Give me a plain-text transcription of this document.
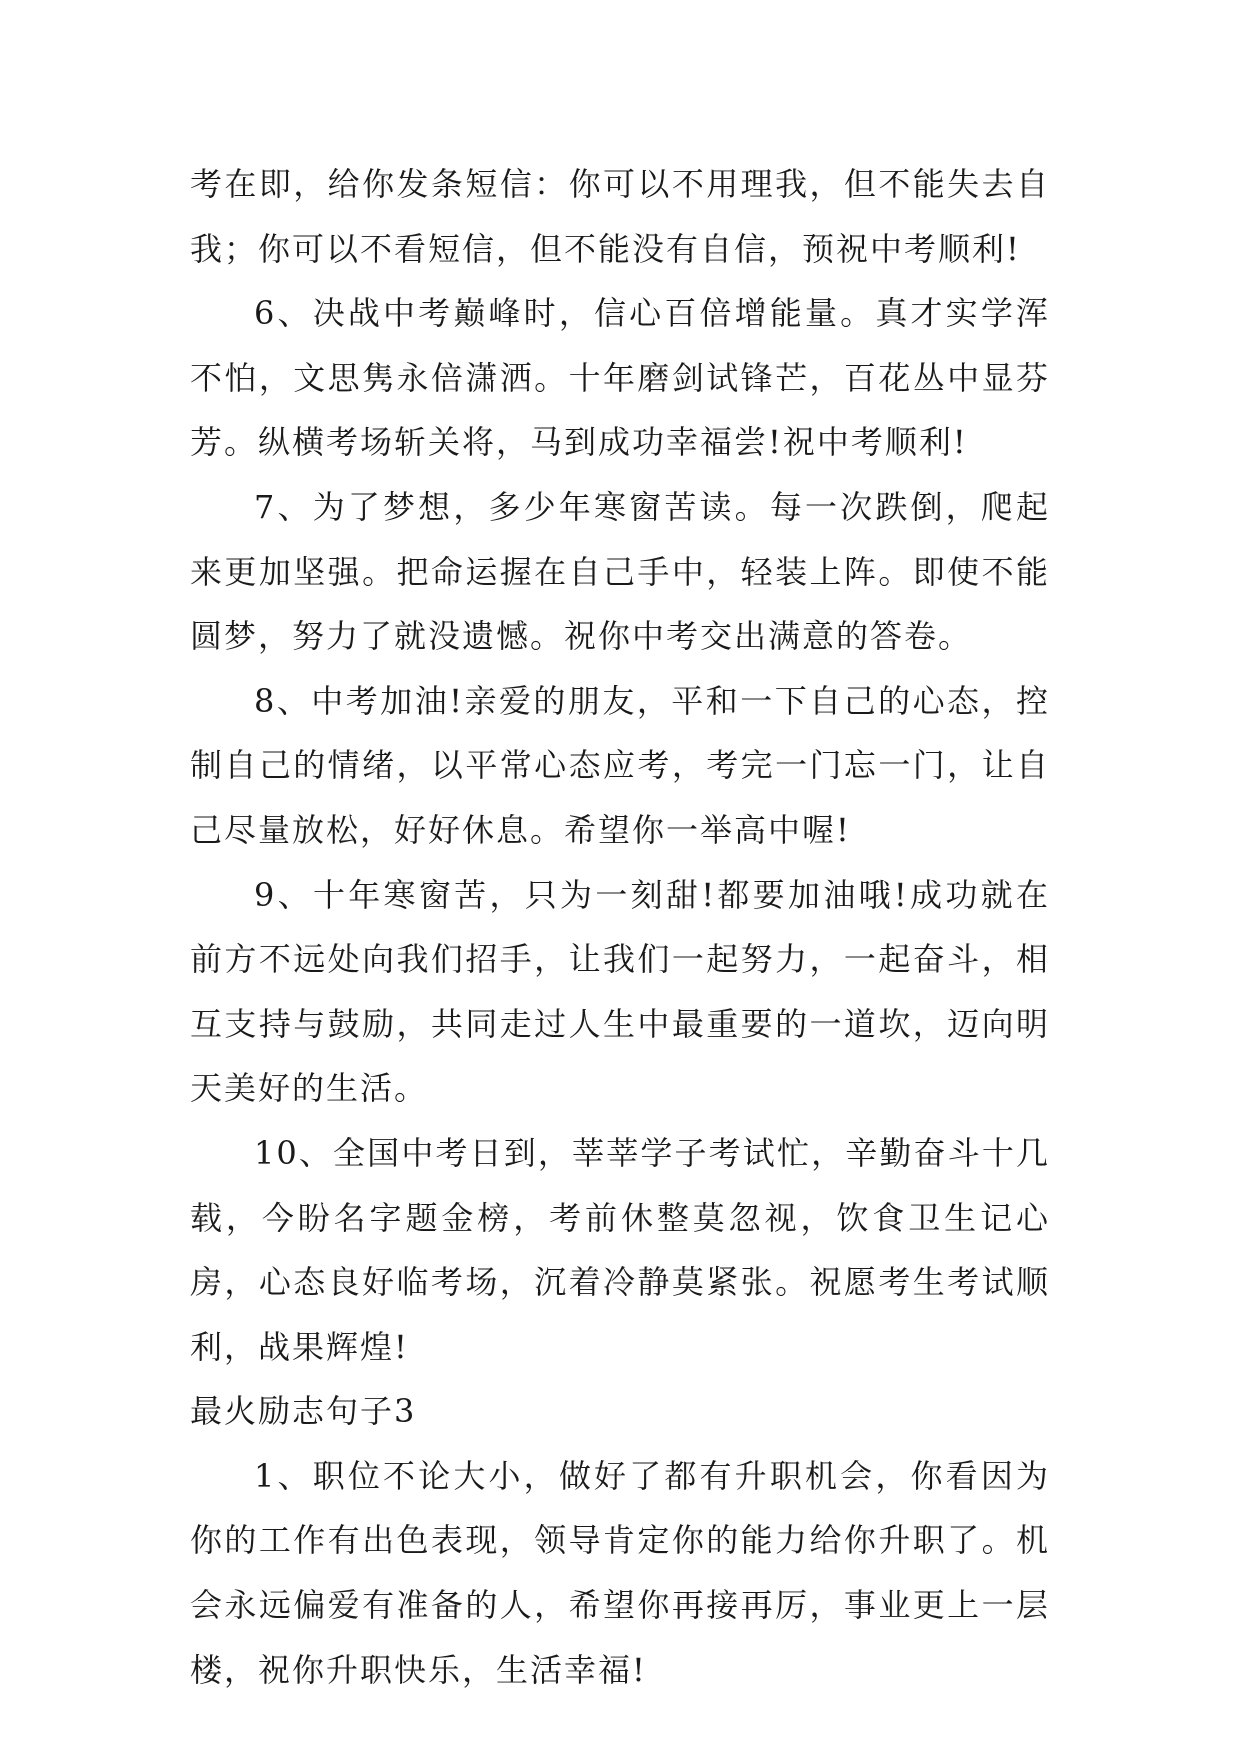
考在即，给你发条短信：你可以不用理我，但不能失去自我；你可以不看短信，但不能没有自信，预祝中考顺利!

6、决战中考巅峰时，信心百倍增能量。真才实学浑不怕，文思隽永倍潇洒。十年磨剑试锋芒，百花丛中显芬芳。纵横考场斩关将，马到成功幸福尝!祝中考顺利!

7、为了梦想，多少年寒窗苦读。每一次跌倒，爬起来更加坚强。把命运握在自己手中，轻装上阵。即使不能圆梦，努力了就没遗憾。祝你中考交出满意的答卷。

8、中考加油!亲爱的朋友，平和一下自己的心态，控制自己的情绪，以平常心态应考，考完一门忘一门，让自己尽量放松，好好休息。希望你一举高中喔!

9、十年寒窗苦，只为一刻甜!都要加油哦!成功就在前方不远处向我们招手，让我们一起努力，一起奋斗，相互支持与鼓励，共同走过人生中最重要的一道坎，迈向明天美好的生活。

10、全国中考日到，莘莘学子考试忙，辛勤奋斗十几载，今盼名字题金榜，考前休整莫忽视，饮食卫生记心房，心态良好临考场，沉着冷静莫紧张。祝愿考生考试顺利，战果辉煌!

最火励志句子3

1、职位不论大小，做好了都有升职机会，你看因为你的工作有出色表现，领导肯定你的能力给你升职了。机会永远偏爱有准备的人，希望你再接再厉，事业更上一层楼，祝你升职快乐，生活幸福!
